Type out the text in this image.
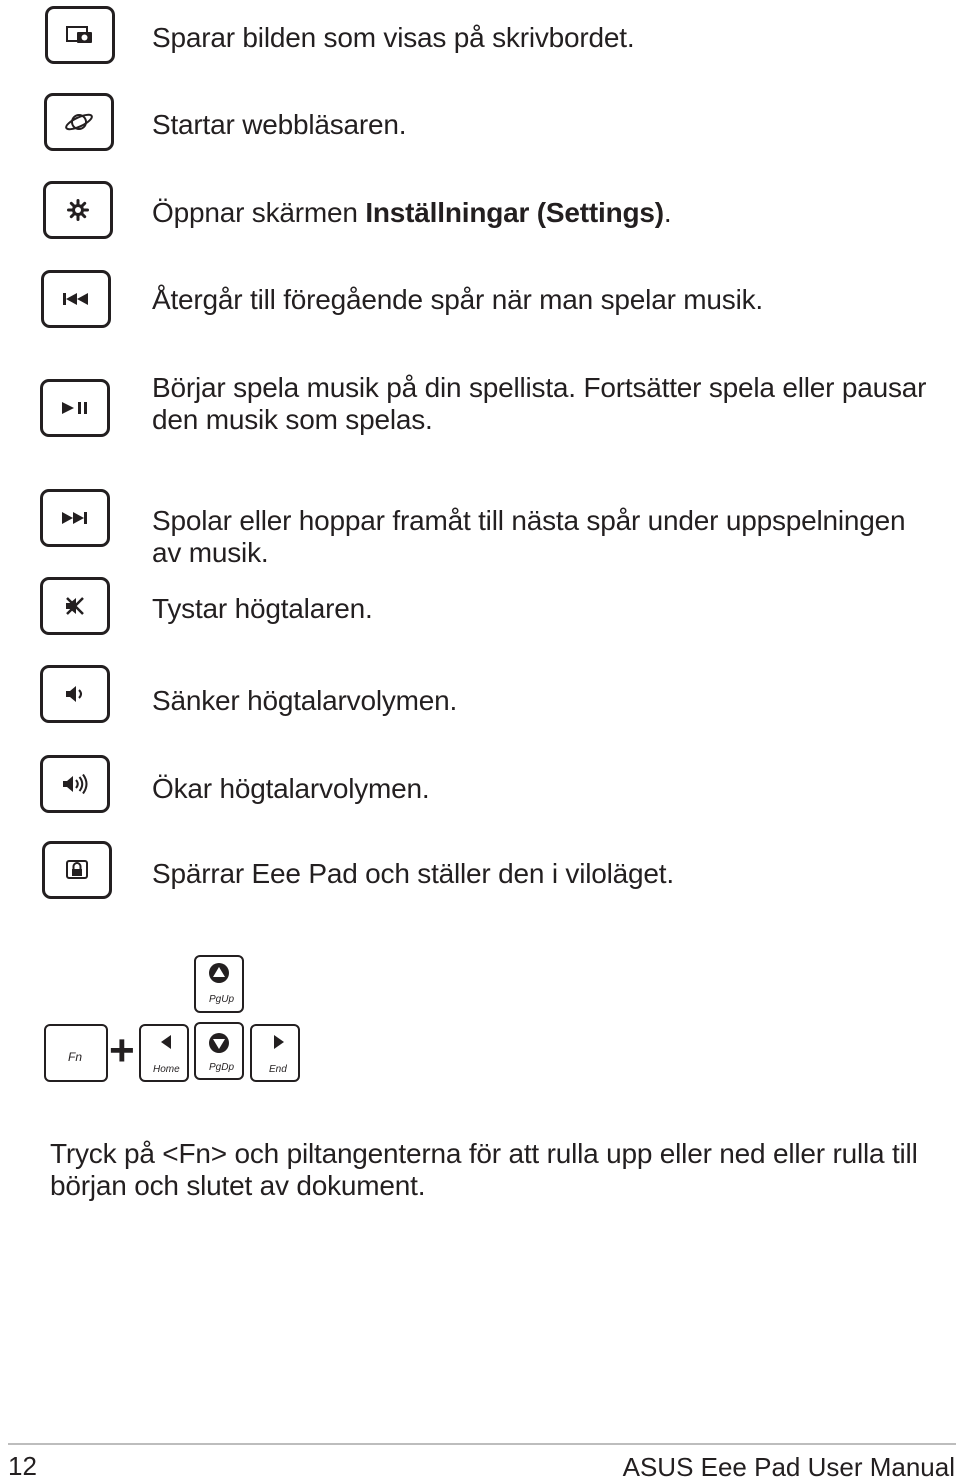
Sparar bilden som visas på skrivbordet.
Startar webbläsaren.
Öppnar skärmen Inställningar (Settings).
Återgår till föregående spår när man spelar musik.
Börjar spela musik på din spellista. Fortsätter spela eller pausar
den musik som spelas.
Spolar eller hoppar framåt till nästa spår under uppspelningen
av musik.
Tystar högtalaren.
Sänker högtalarvolymen.
Ökar högtalarvolymen.
Spärrar Eee Pad och ställer den i viloläget.
Fn +
PgUp
Home	PgDp	End
Tryck på <Fn> och piltangenterna för att rulla upp eller ned eller rulla till
början och slutet av dokument.
12	ASUS Eee Pad User Manual
